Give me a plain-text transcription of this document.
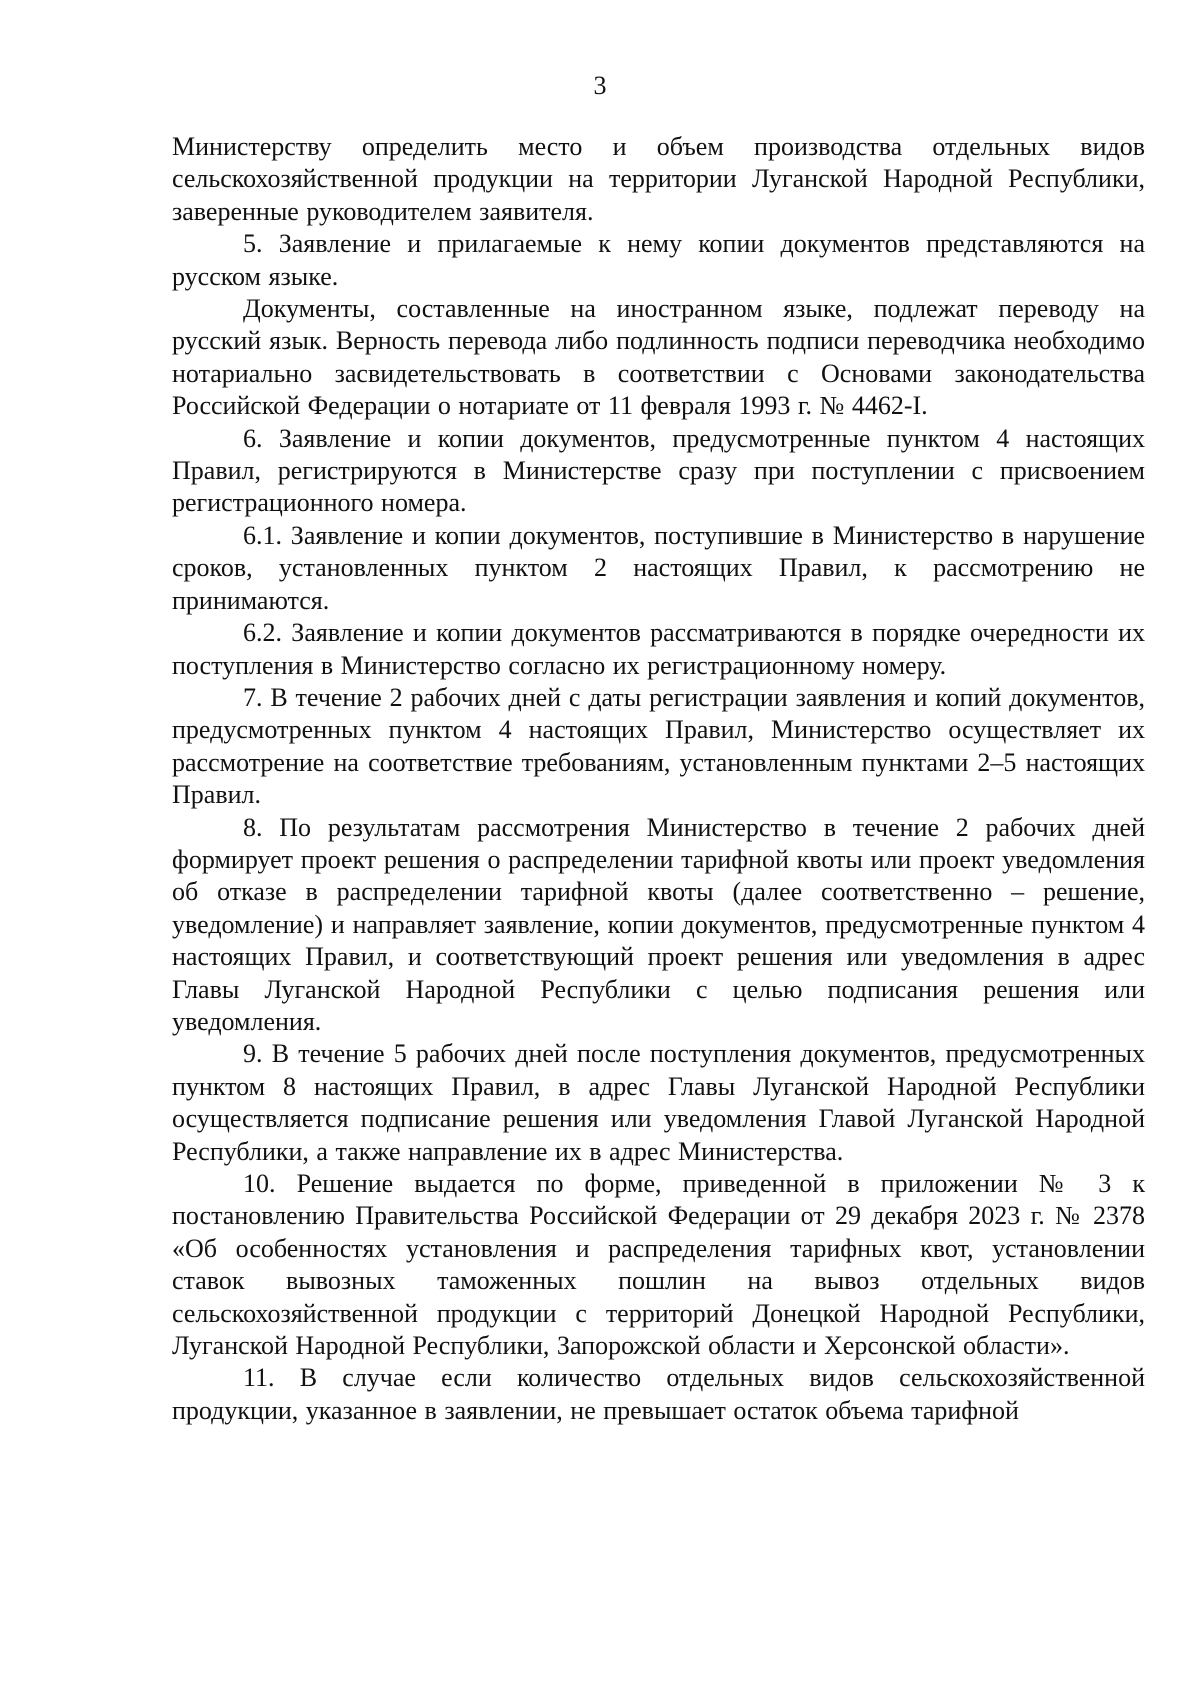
3

Министерству определить место и объем производства отдельных видов сельскохозяйственной продукции на территории Луганской Народной Республики, заверенные руководителем заявителя.

5. Заявление и прилагаемые к нему копии документов представляются на русском языке.

Документы, составленные на иностранном языке, подлежат переводу на русский язык. Верность перевода либо подлинность подписи переводчика необходимо нотариально засвидетельствовать в соответствии с Основами законодательства Российской Федерации о нотариате от 11 февраля 1993 г. № 4462-I.

6. Заявление и копии документов, предусмотренные пунктом 4 настоящих Правил, регистрируются в Министерстве сразу при поступлении с присвоением регистрационного номера.

6.1. Заявление и копии документов, поступившие в Министерство в нарушение сроков, установленных пунктом 2 настоящих Правил, к рассмотрению не принимаются.

6.2. Заявление и копии документов рассматриваются в порядке очередности их поступления в Министерство согласно их регистрационному номеру.

7. В течение 2 рабочих дней с даты регистрации заявления и копий документов, предусмотренных пунктом 4 настоящих Правил, Министерство осуществляет их рассмотрение на соответствие требованиям, установленным пунктами 2–5 настоящих Правил.

8. По результатам рассмотрения Министерство в течение 2 рабочих дней формирует проект решения о распределении тарифной квоты или проект уведомления об отказе в распределении тарифной квоты (далее соответственно – решение, уведомление) и направляет заявление, копии документов, предусмотренные пунктом 4 настоящих Правил, и соответствующий проект решения или уведомления в адрес Главы Луганской Народной Республики с целью подписания решения или уведомления.

9. В течение 5 рабочих дней после поступления документов, предусмотренных пунктом 8 настоящих Правил, в адрес Главы Луганской Народной Республики осуществляется подписание решения или уведомления Главой Луганской Народной Республики, а также направление их в адрес Министерства.

10. Решение выдается по форме, приведенной в приложении № 3 к постановлению Правительства Российской Федерации от 29 декабря 2023 г. № 2378 «Об особенностях установления и распределения тарифных квот, установлении ставок вывозных таможенных пошлин на вывоз отдельных видов сельскохозяйственной продукции с территорий Донецкой Народной Республики, Луганской Народной Республики, Запорожской области и Херсонской области».

11. В случае если количество отдельных видов сельскохозяйственной продукции, указанное в заявлении, не превышает остаток объема тарифной
